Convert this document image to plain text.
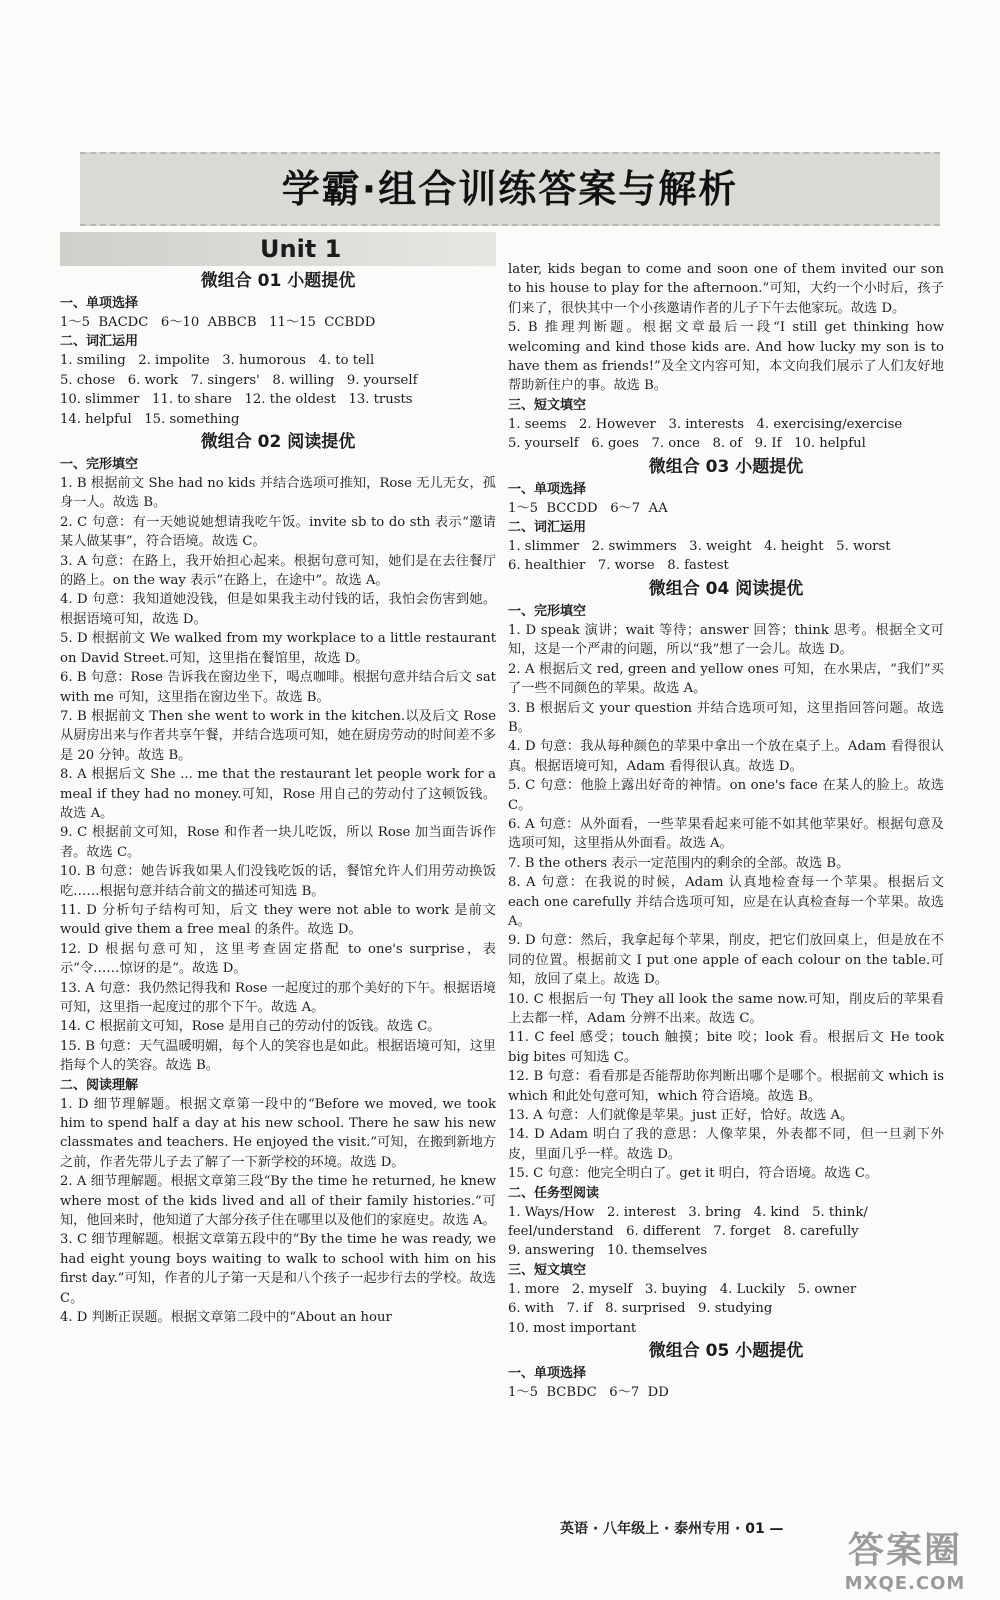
学霸·组合训练答案与解析
Unit 1
微组合 01 小题提优
一、单项选择
1～5  BACDC   6～10  ABBCB   11～15  CCBDD
二、词汇运用
1. smiling   2. impolite   3. humorous   4. to tell
5. chose   6. work   7. singers'   8. willing   9. yourself
10. slimmer   11. to share   12. the oldest   13. trusts
14. helpful   15. something
微组合 02 阅读提优
一、完形填空
1. B 根据前文 She had no kids 并结合选项可推知，Rose 无儿无女，孤身一人。故选 B。
2. C 句意：有一天她说她想请我吃午饭。invite sb to do sth 表示“邀请某人做某事”，符合语境。故选 C。
3. A 句意：在路上，我开始担心起来。根据句意可知，她们是在去往餐厅的路上。on the way 表示“在路上，在途中”。故选 A。
4. D 句意：我知道她没钱，但是如果我主动付钱的话，我怕会伤害到她。根据语境可知，故选 D。
5. D 根据前文 We walked from my workplace to a little restaurant on David Street.可知，这里指在餐馆里，故选 D。
6. B 句意：Rose 告诉我在窗边坐下，喝点咖啡。根据句意并结合后文 sat with me 可知，这里指在窗边坐下。故选 B。
7. B 根据前文 Then she went to work in the kitchen.以及后文 Rose 从厨房出来与作者共享午餐，并结合选项可知，她在厨房劳动的时间差不多是 20 分钟。故选 B。
8. A 根据后文 She ... me that the restaurant let people work for a meal if they had no money.可知，Rose 用自己的劳动付了这顿饭钱。故选 A。
9. C 根据前文可知，Rose 和作者一块儿吃饭，所以 Rose 加当面告诉作者。故选 C。
10. B 句意：她告诉我如果人们没钱吃饭的话，餐馆允许人们用劳动换饭吃……根据句意并结合前文的描述可知选 B。
11. D 分析句子结构可知，后文 they were not able to work 是前文 would give them a free meal 的条件。故选 D。
12. D 根据句意可知，这里考查固定搭配 to one's surprise，表示“令……惊讶的是”。故选 D。
13. A 句意：我仍然记得我和 Rose 一起度过的那个美好的下午。根据语境可知，这里指一起度过的那个下午。故选 A。
14. C 根据前文可知，Rose 是用自己的劳动付的饭钱。故选 C。
15. B 句意：天气温暖明媚，每个人的笑容也是如此。根据语境可知，这里指每个人的笑容。故选 B。
二、阅读理解
1. D 细节理解题。根据文章第一段中的“Before we moved, we took him to spend half a day at his new school. There he saw his new classmates and teachers. He enjoyed the visit.”可知，在搬到新地方之前，作者先带儿子去了解了一下新学校的环境。故选 D。
2. A 细节理解题。根据文章第三段“By the time he returned, he knew where most of the kids lived and all of their family histories.”可知，他回来时，他知道了大部分孩子住在哪里以及他们的家庭史。故选 A。
3. C 细节理解题。根据文章第五段中的“By the time he was ready, we had eight young boys waiting to walk to school with him on his first day.”可知，作者的儿子第一天是和八个孩子一起步行去的学校。故选 C。
4. D 判断正误题。根据文章第二段中的“About an hour
later, kids began to come and soon one of them invited our son to his house to play for the afternoon.”可知，大约一个小时后，孩子们来了，很快其中一个小孩邀请作者的儿子下午去他家玩。故选 D。
5. B 推理判断题。根据文章最后一段“I still get thinking how welcoming and kind those kids are. And how lucky my son is to have them as friends!”及全文内容可知，本文向我们展示了人们友好地帮助新住户的事。故选 B。
三、短文填空
1. seems   2. However   3. interests   4. exercising/exercise
5. yourself   6. goes   7. once   8. of   9. If   10. helpful
微组合 03 小题提优
一、单项选择
1～5  BCCDD   6～7  AA
二、词汇运用
1. slimmer   2. swimmers   3. weight   4. height   5. worst
6. healthier   7. worse   8. fastest
微组合 04 阅读提优
一、完形填空
1. D speak 演讲；wait 等待；answer 回答；think 思考。根据全文可知，这是一个严肃的问题，所以“我”想了一会儿。故选 D。
2. A 根据后文 red, green and yellow ones 可知，在水果店，“我们”买了一些不同颜色的苹果。故选 A。
3. B 根据后文 your question 并结合选项可知，这里指回答问题。故选 B。
4. D 句意：我从每种颜色的苹果中拿出一个放在桌子上。Adam 看得很认真。根据语境可知，Adam 看得很认真。故选 D。
5. C 句意：他脸上露出好奇的神情。on one's face 在某人的脸上。故选 C。
6. A 句意：从外面看，一些苹果看起来可能不如其他苹果好。根据句意及选项可知，这里指从外面看。故选 A。
7. B the others 表示一定范围内的剩余的全部。故选 B。
8. A 句意：在我说的时候，Adam 认真地检查每一个苹果。根据后文 each one carefully 并结合选项可知，应是在认真检查每一个苹果。故选 A。
9. D 句意：然后，我拿起每个苹果，削皮，把它们放回桌上，但是放在不同的位置。根据前文 I put one apple of each colour on the table.可知，放回了桌上。故选 D。
10. C 根据后一句 They all look the same now.可知，削皮后的苹果看上去都一样，Adam 分辨不出来。故选 C。
11. C feel 感受；touch 触摸；bite 咬；look 看。根据后文 He took big bites 可知选 C。
12. B 句意：看看那是否能帮助你判断出哪个是哪个。根据前文 which is which 和此处句意可知，which 符合语境。故选 B。
13. A 句意：人们就像是苹果。just 正好，恰好。故选 A。
14. D Adam 明白了我的意思：人像苹果，外表都不同，但一旦剥下外皮，里面几乎一样。故选 D。
15. C 句意：他完全明白了。get it 明白，符合语境。故选 C。
二、任务型阅读
1. Ways/How   2. interest   3. bring   4. kind   5. think/
feel/understand   6. different   7. forget   8. carefully
9. answering   10. themselves
三、短文填空
1. more   2. myself   3. buying   4. Luckily   5. owner
6. with   7. if   8. surprised   9. studying
10. most important
微组合 05 小题提优
一、单项选择
1～5  BCBDC   6～7  DD
英语 · 八年级上 · 泰州专用 · 01 —
答案圈
MXQE.COM
